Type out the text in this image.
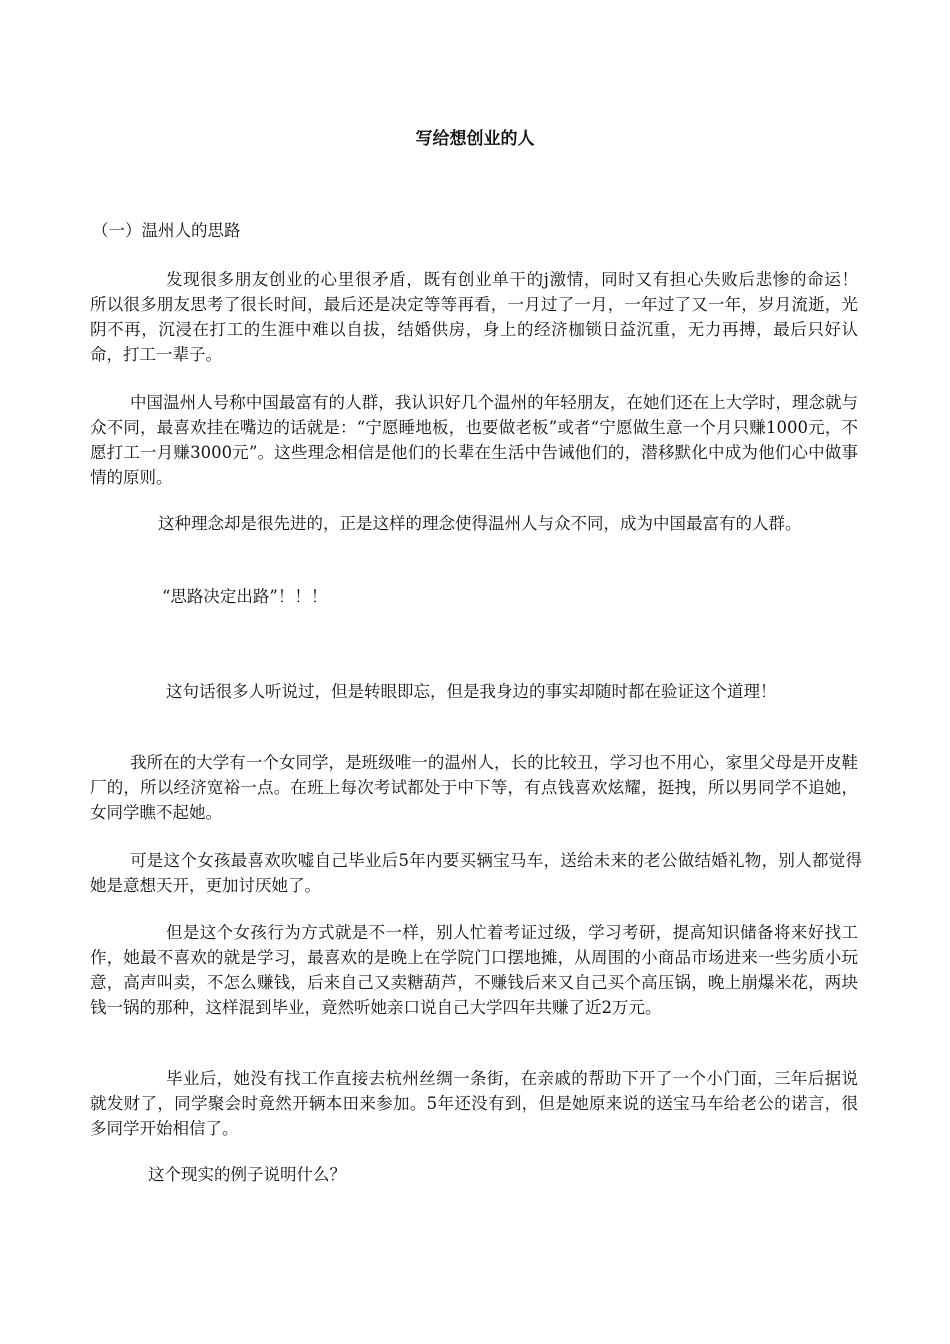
写给想创业的人

（一）温州人的思路

发现很多朋友创业的心里很矛盾，既有创业单干的j激情，同时又有担心失败后悲惨的命运！　　所以很多朋友思考了很长时间，最后还是决定等等再看，一月过了一月，一年过了又一年，岁月流逝，光阴不再，沉浸在打工的生涯中难以自拔，结婚供房，身上的经济枷锁日益沉重，无力再搏，最后只好认命，打工一辈子。

中国温州人号称中国最富有的人群，我认识好几个温州的年轻朋友，在她们还在上大学时，理念就与众不同，最喜欢挂在嘴边的话就是：“宁愿睡地板，也要做老板”或者“宁愿做生意一个月只赚1000元，不愿打工一月赚3000元”。这些理念相信是他们的长辈在生活中告诫他们的，潜移默化中成为他们心中做事情的原则。

这种理念却是很先进的，正是这样的理念使得温州人与众不同，成为中国最富有的人群。

“思路决定出路”！！！

这句话很多人听说过，但是转眼即忘，但是我身边的事实却随时都在验证这个道理！

我所在的大学有一个女同学，是班级唯一的温州人，长的比较丑，学习也不用心，家里父母是开皮鞋厂的，所以经济宽裕一点。在班上每次考试都处于中下等，有点钱喜欢炫耀，挺拽，所以男同学不追她，女同学瞧不起她。

可是这个女孩最喜欢吹嘘自己毕业后5年内要买辆宝马车，送给未来的老公做结婚礼物，别人都觉得她是意想天开，更加讨厌她了。

但是这个女孩行为方式就是不一样，别人忙着考证过级，学习考研，提高知识储备将来好找工作，她最不喜欢的就是学习，最喜欢的是晚上在学院门口摆地摊，从周围的小商品市场进来一些劣质小玩意，高声叫卖，不怎么赚钱，后来自己又卖糖葫芦，不赚钱后来又自己买个高压锅，晚上崩爆米花，两块钱一锅的那种，这样混到毕业，竟然听她亲口说自己大学四年共赚了近2万元。

毕业后，她没有找工作直接去杭州丝绸一条街，在亲戚的帮助下开了一个小门面，三年后据说就发财了，同学聚会时竟然开辆本田来参加。5年还没有到，但是她原来说的送宝马车给老公的诺言，很多同学开始相信了。

这个现实的例子说明什么？
